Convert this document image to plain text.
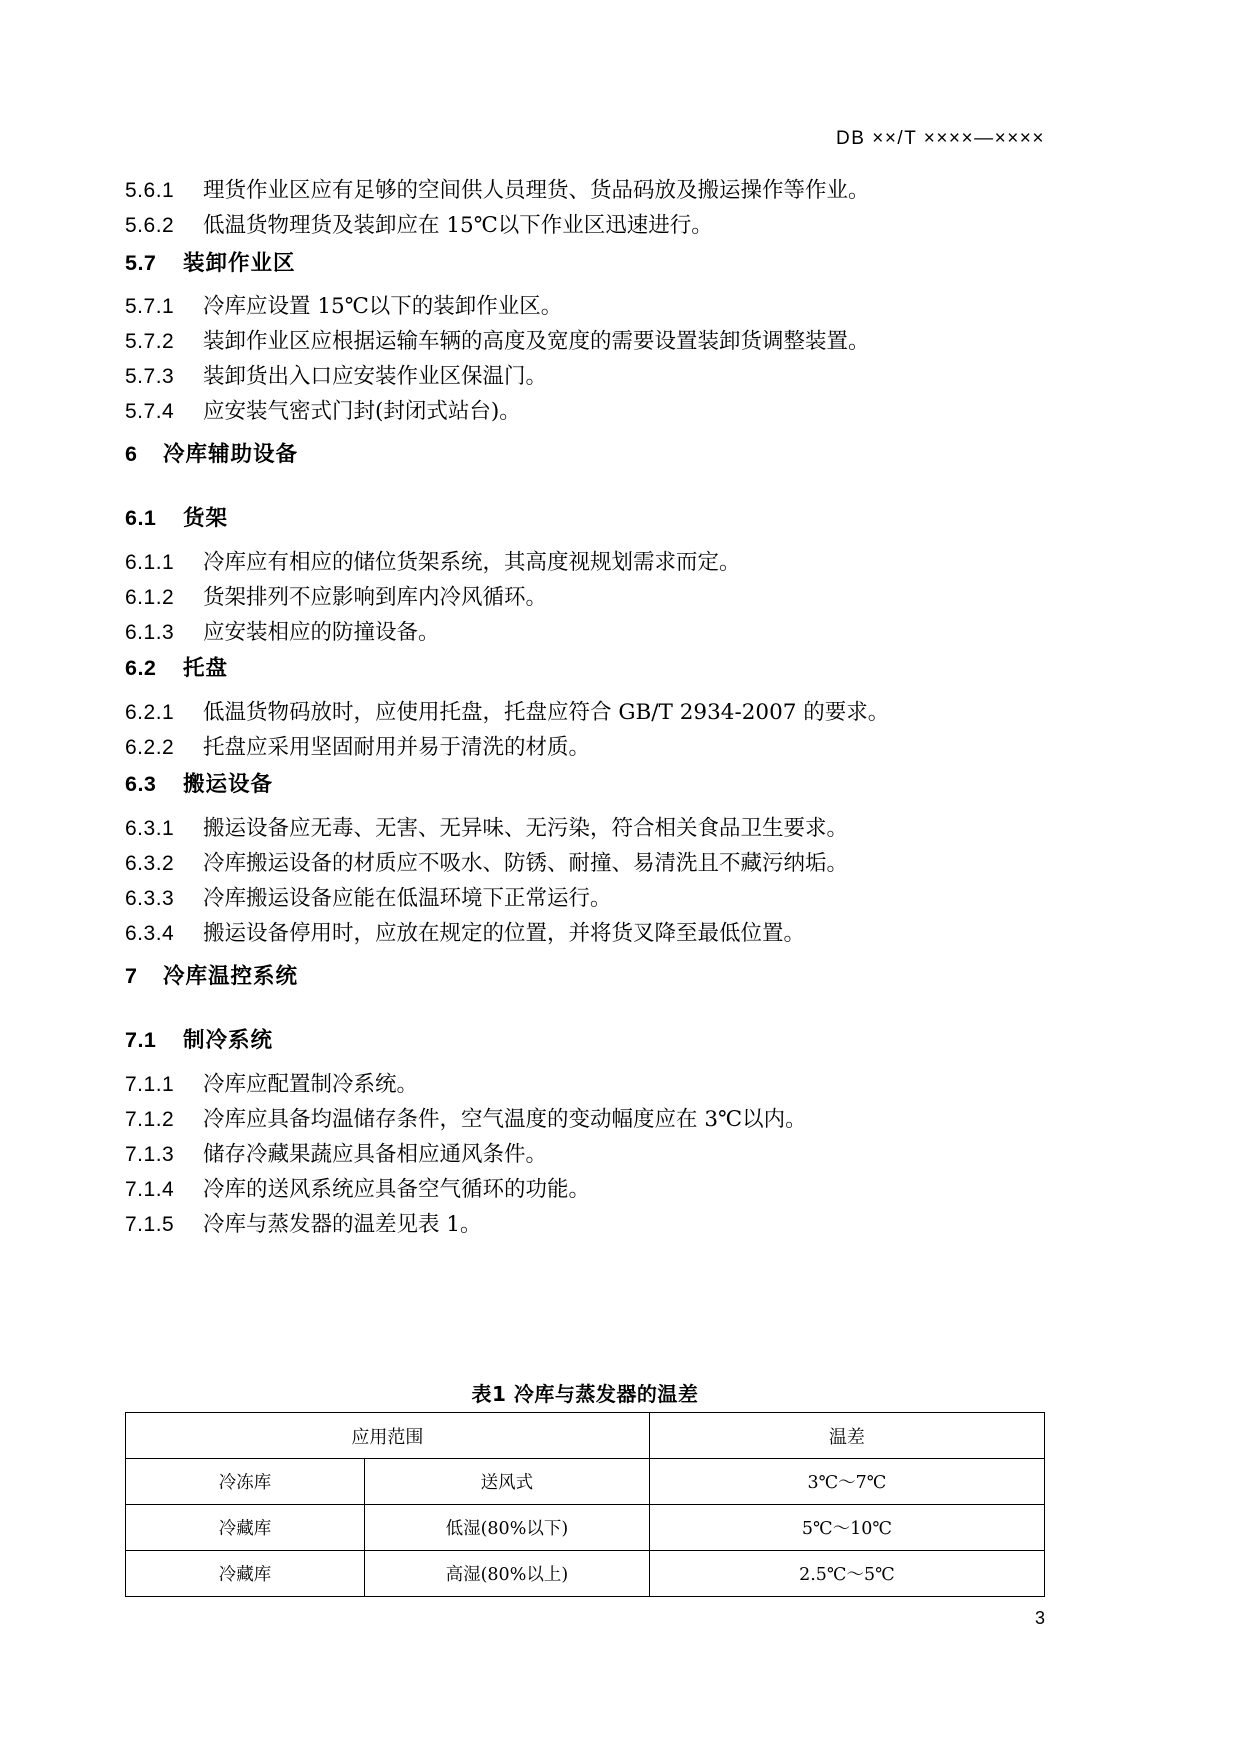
DB ××/T ××××—××××
5.6.1 理货作业区应有足够的空间供人员理货、货品码放及搬运操作等作业。
5.6.2 低温货物理货及装卸应在 15℃以下作业区迅速进行。
5.7.1 冷库应设置 15℃以下的装卸作业区。
5.7.2 装卸作业区应根据运输车辆的高度及宽度的需要设置装卸货调整装置。
5.7.3 装卸货出入口应安装作业区保温门。
5.7.4 应安装气密式门封(封闭式站台)。
6.1.1 冷库应有相应的储位货架系统，其高度视规划需求而定。
6.1.2 货架排列不应影响到库内冷风循环。
6.1.3 应安装相应的防撞设备。
6.2.1 低温货物码放时，应使用托盘，托盘应符合 GB/T 2934-2007 的要求。
6.2.2 托盘应采用坚固耐用并易于清洗的材质。
6.3.1 搬运设备应无毒、无害、无异味、无污染，符合相关食品卫生要求。
6.3.2 冷库搬运设备的材质应不吸水、防锈、耐撞、易清洗且不藏污纳垢。
6.3.3 冷库搬运设备应能在低温环境下正常运行。
6.3.4 搬运设备停用时，应放在规定的位置，并将货叉降至最低位置。
7.1.1 冷库应配置制冷系统。
7.1.2 冷库应具备均温储存条件，空气温度的变动幅度应在 3℃以内。
7.1.3 储存冷藏果蔬应具备相应通风条件。
7.1.4 冷库的送风系统应具备空气循环的功能。
7.1.5 冷库与蒸发器的温差见表 1。
5.7 装卸作业区
6 冷库辅助设备
6.1 货架
6.2 托盘
6.3 搬运设备
7 冷库温控系统
7.1 制冷系统
表1 冷库与蒸发器的温差
应用范围		温差
冷冻库	送风式	3℃～7℃
冷藏库	低湿(80%以下)	5℃～10℃
冷藏库	高湿(80%以上)	2.5℃～5℃
3
